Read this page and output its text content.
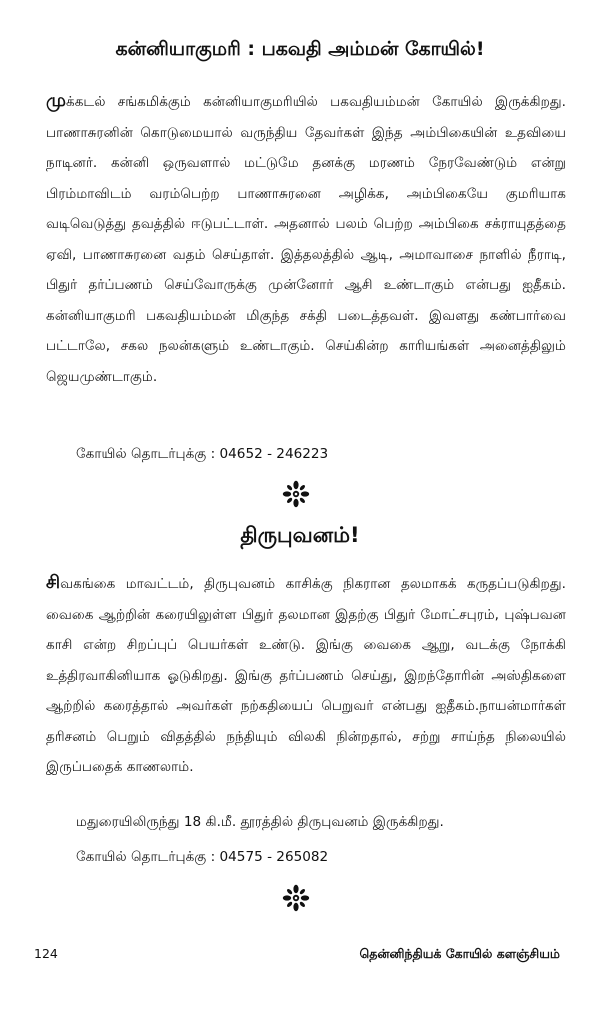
கன்னியாகுமரி : பகவதி அம்மன் கோயில்!

முக்கடல் சங்கமிக்கும் கன்னியாகுமரியில் பகவதியம்மன் கோயில் இருக்கிறது. பாணாசுரனின் கொடுமையால் வருந்திய தேவர்கள் இந்த அம்பிகையின் உதவியை நாடினர். கன்னி ஒருவளால் மட்டுமே தனக்கு மரணம் நேரவேண்டும் என்று பிரம்மாவிடம் வரம்பெற்ற பாணாசுரனை அழிக்க, அம்பிகையே குமரியாக வடிவெடுத்து தவத்தில் ஈடுபட்டாள். அதனால் பலம் பெற்ற அம்பிகை சக்ராயுதத்தை ஏவி, பாணாசுரனை வதம் செய்தாள். இத்தலத்தில் ஆடி, அமாவாசை நாளில் நீராடி, பிதுர் தர்ப்பணம் செய்வோருக்கு முன்னோர் ஆசி உண்டாகும் என்பது ஐதீகம். கன்னியாகுமரி பகவதியம்மன் மிகுந்த சக்தி படைத்தவள். இவளது கண்பார்வை பட்டாலே, சகல நலன்களும் உண்டாகும். செய்கின்ற காரியங்கள் அனைத்திலும் ஜெயமுண்டாகும்.

கோயில் தொடர்புக்கு : 04652 - 246223
திருபுவனம்!

சிவகங்கை மாவட்டம், திருபுவனம் காசிக்கு நிகரான தலமாகக் கருதப்படுகிறது. வைகை ஆற்றின் கரையிலுள்ள பிதுர் தலமான இதற்கு பிதுர் மோட்சபுரம், புஷ்பவன காசி என்ற சிறப்புப் பெயர்கள் உண்டு. இங்கு வைகை ஆறு, வடக்கு நோக்கி உத்திரவாகினியாக ஓடுகிறது. இங்கு தர்ப்பணம் செய்து, இறந்தோரின் அஸ்திகளை ஆற்றில் கரைத்தால் அவர்கள் நற்கதியைப் பெறுவர் என்பது ஐதீகம்.நாயன்மார்கள் தரிசனம் பெறும் விதத்தில் நந்தியும் விலகி நின்றதால், சற்று சாய்ந்த நிலையில் இருப்பதைக் காணலாம்.

மதுரையிலிருந்து 18 கி.மீ. தூரத்தில் திருபுவனம் இருக்கிறது.
கோயில் தொடர்புக்கு : 04575 - 265082
124	தென்னிந்தியக் கோயில் களஞ்சியம்
